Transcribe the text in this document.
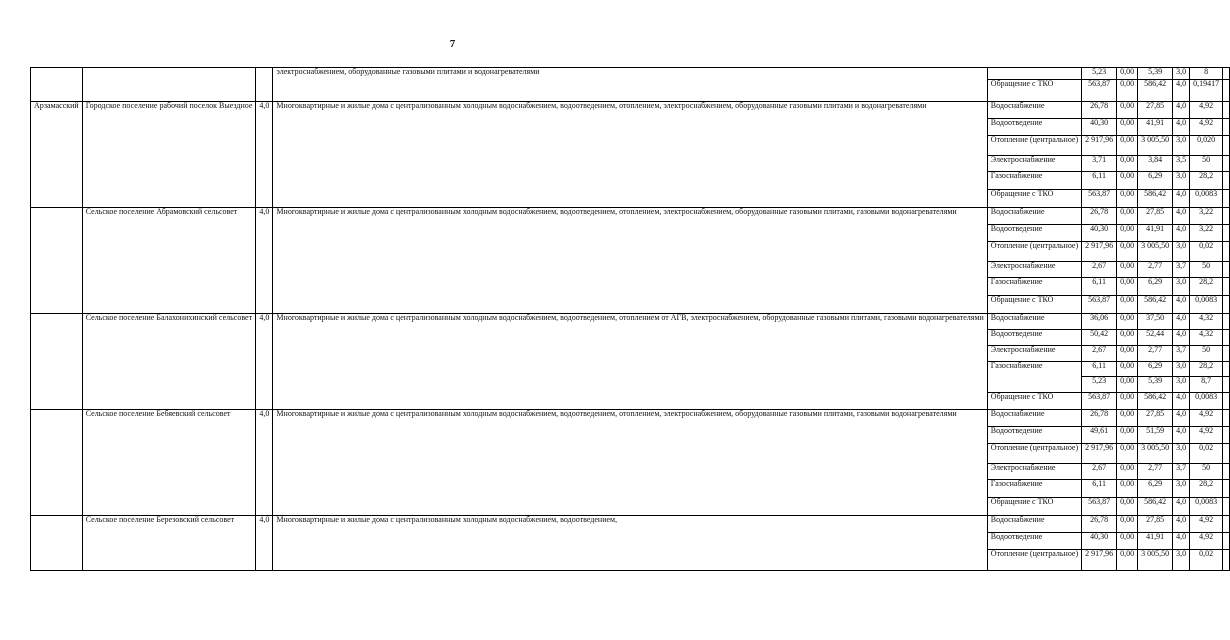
7
			электроснабжением, оборудованные газовыми плитами и водонагревателями		5,23	0,00	5,39	3,0	8	
				Обращение с ТКО	563,87	0,00	586,42	4,0	0,19417	
Арзамасский	Городское поселение рабочий поселок Выездное	4,0	Многоквартирные и жилые дома с централизованным холодным водоснабжением, водоотведением, отоплением, электроснабжением, оборудованные газовыми плитами и водонагревателями	Водоснабжение	26,78	0,00	27,85	4,0	4,92	
				Водоотведение	40,30	0,00	41,91	4,0	4,92	
				Отопление (центральное)	2 917,96	0,00	3 005,50	3,0	0,020	
				Электроснабжение	3,71	0,00	3,84	3,5	50	
				Газоснабжение	6,11	0,00	6,29	3,0	28,2	
				Обращение с ТКО	563,87	0,00	586,42	4,0	0,0083	
	Сельское поселение Абрамовский сельсовет	4,0	Многоквартирные и жилые дома с централизованным холодным водоснабжением, водоотведением, отоплением, электроснабжением, оборудованные газовыми плитами, газовыми водонагревателями	Водоснабжение	26,78	0,00	27,85	4,0	3,22	
				Водоотведение	40,30	0,00	41,91	4,0	3,22	
				Отопление (центральное)	2 917,96	0,00	3 005,50	3,0	0,02	
				Электроснабжение	2,67	0,00	2,77	3,7	50	
				Газоснабжение	6,11	0,00	6,29	3,0	28,2	
				Обращение с ТКО	563,87	0,00	586,42	4,0	0,0083	
	Сельское поселение Балахонихинский сельсовет	4,0	Многоквартирные и жилые дома с централизованным холодным водоснабжением, водоотведением, отоплением от АГВ, электроснабжением, оборудованные газовыми плитами, газовыми водонагревателями	Водоснабжение	36,06	0,00	37,50	4,0	4,32	
				Водоотведение	50,42	0,00	52,44	4,0	4,32	
				Электроснабжение	2,67	0,00	2,77	3,7	50	
				Газоснабжение	6,11	0,00	6,29	3,0	28,2	
					5,23	0,00	5,39	3,0	8,7	
				Обращение с ТКО	563,87	0,00	586,42	4,0	0,0083	
	Сельское поселение Бебяевский сельсовет	4,0	Многоквартирные и жилые дома с централизованным холодным водоснабжением, водоотведением, отоплением, электроснабжением, оборудованные газовыми плитами, газовыми водонагревателями	Водоснабжение	26,78	0,00	27,85	4,0	4,92	
				Водоотведение	49,61	0,00	51,59	4,0	4,92	
				Отопление (центральное)	2 917,96	0,00	3 005,50	3,0	0,02	
				Электроснабжение	2,67	0,00	2,77	3,7	50	
				Газоснабжение	6,11	0,00	6,29	3,0	28,2	
				Обращение с ТКО	563,87	0,00	586,42	4,0	0,0083	
	Сельское поселение Березовский сельсовет	4,0	Многоквартирные и жилые дома с централизованным холодным водоснабжением, водоотведением,	Водоснабжение	26,78	0,00	27,85	4,0	4,92	
				Водоотведение	40,30	0,00	41,91	4,0	4,92	
				Отопление (центральное)	2 917,96	0,00	3 005,50	3,0	0,02	
